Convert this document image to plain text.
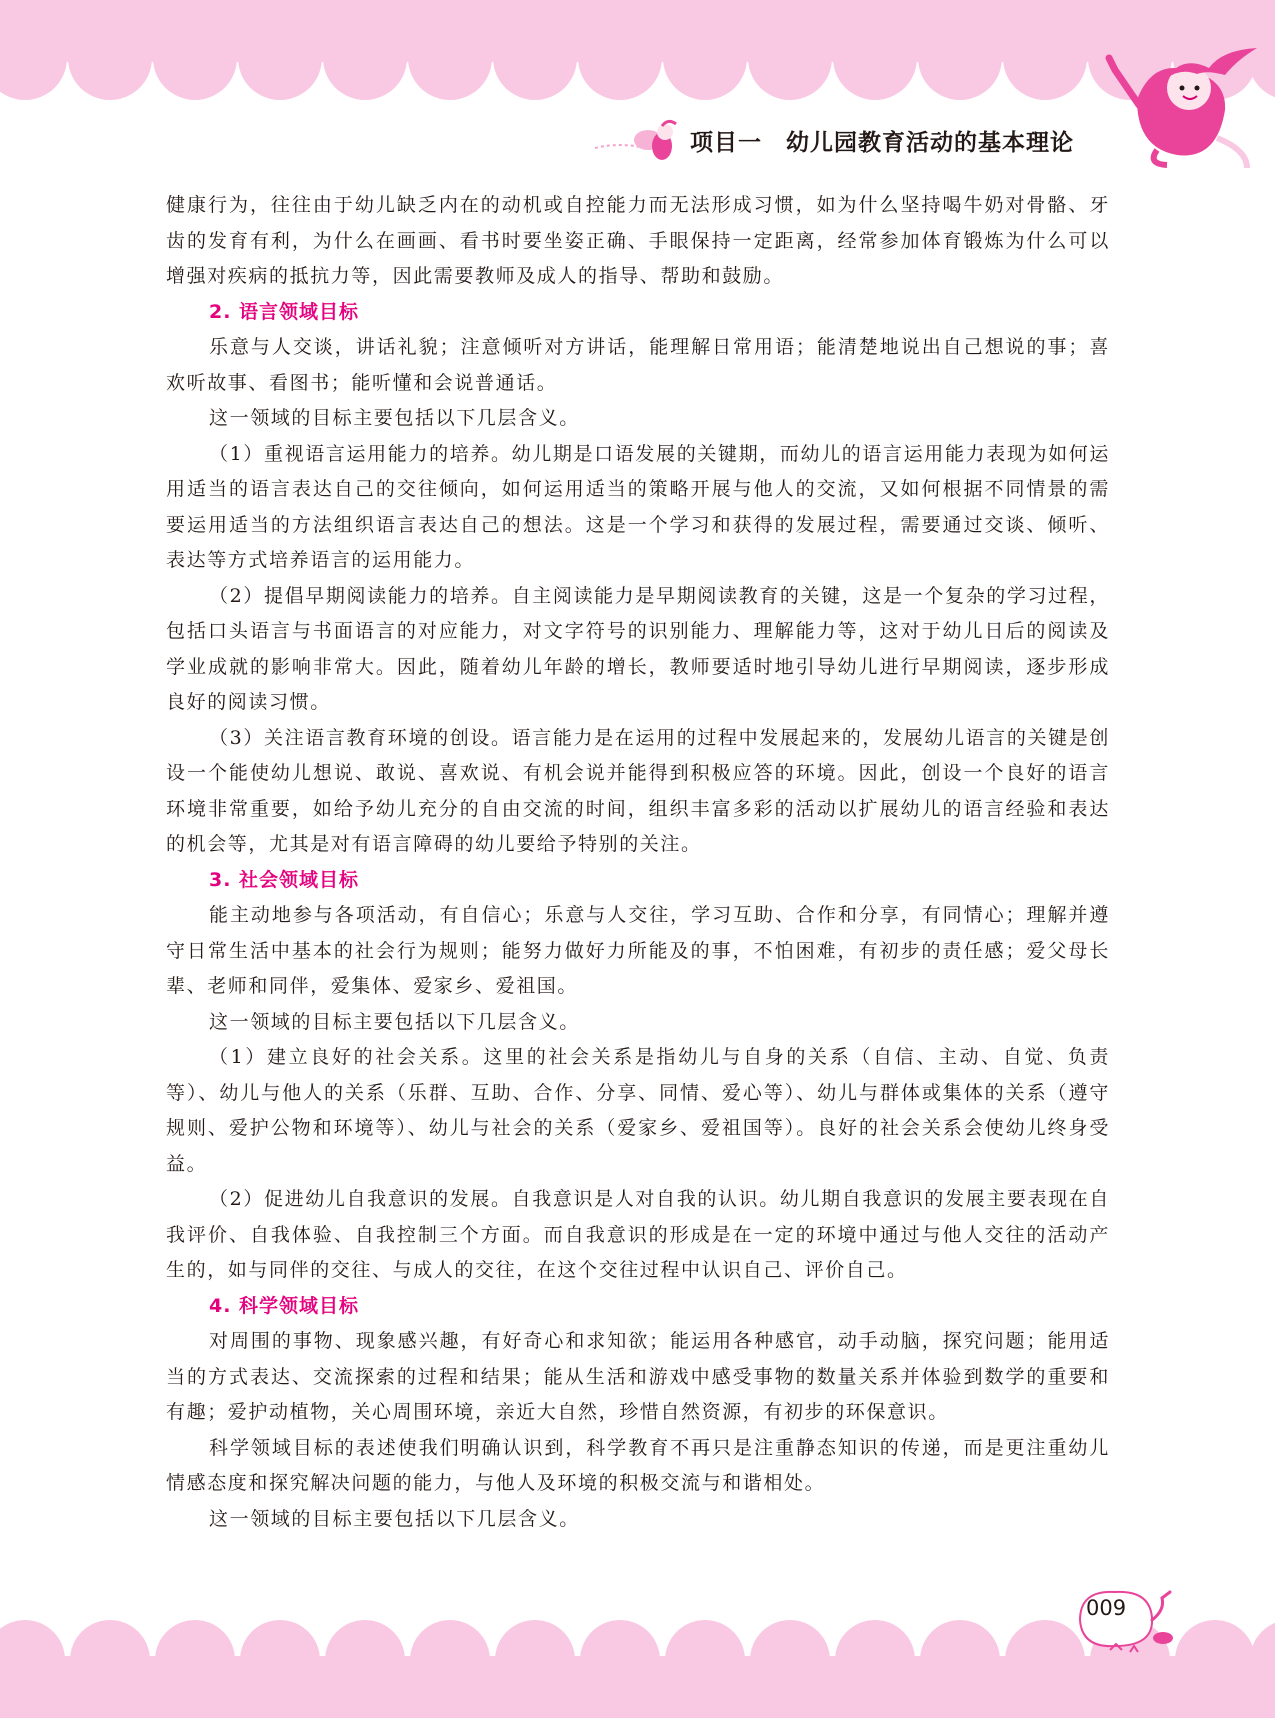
项目一　幼儿园教育活动的基本理论

健康行为，往往由于幼儿缺乏内在的动机或自控能力而无法形成习惯，如为什么坚持喝牛奶对骨骼、牙齿的发育有利，为什么在画画、看书时要坐姿正确、手眼保持一定距离，经常参加体育锻炼为什么可以增强对疾病的抵抗力等，因此需要教师及成人的指导、帮助和鼓励。

2. 语言领域目标

乐意与人交谈，讲话礼貌；注意倾听对方讲话，能理解日常用语；能清楚地说出自己想说的事；喜欢听故事、看图书；能听懂和会说普通话。

这一领域的目标主要包括以下几层含义。

（1）重视语言运用能力的培养。幼儿期是口语发展的关键期，而幼儿的语言运用能力表现为如何运用适当的语言表达自己的交往倾向，如何运用适当的策略开展与他人的交流，又如何根据不同情景的需要运用适当的方法组织语言表达自己的想法。这是一个学习和获得的发展过程，需要通过交谈、倾听、表达等方式培养语言的运用能力。

（2）提倡早期阅读能力的培养。自主阅读能力是早期阅读教育的关键，这是一个复杂的学习过程，包括口头语言与书面语言的对应能力，对文字符号的识别能力、理解能力等，这对于幼儿日后的阅读及学业成就的影响非常大。因此，随着幼儿年龄的增长，教师要适时地引导幼儿进行早期阅读，逐步形成良好的阅读习惯。

（3）关注语言教育环境的创设。语言能力是在运用的过程中发展起来的，发展幼儿语言的关键是创设一个能使幼儿想说、敢说、喜欢说、有机会说并能得到积极应答的环境。因此，创设一个良好的语言环境非常重要，如给予幼儿充分的自由交流的时间，组织丰富多彩的活动以扩展幼儿的语言经验和表达的机会等，尤其是对有语言障碍的幼儿要给予特别的关注。

3. 社会领域目标

能主动地参与各项活动，有自信心；乐意与人交往，学习互助、合作和分享，有同情心；理解并遵守日常生活中基本的社会行为规则；能努力做好力所能及的事，不怕困难，有初步的责任感；爱父母长辈、老师和同伴，爱集体、爱家乡、爱祖国。

这一领域的目标主要包括以下几层含义。

（1）建立良好的社会关系。这里的社会关系是指幼儿与自身的关系（自信、主动、自觉、负责等）、幼儿与他人的关系（乐群、互助、合作、分享、同情、爱心等）、幼儿与群体或集体的关系（遵守规则、爱护公物和环境等）、幼儿与社会的关系（爱家乡、爱祖国等）。良好的社会关系会使幼儿终身受益。

（2）促进幼儿自我意识的发展。自我意识是人对自我的认识。幼儿期自我意识的发展主要表现在自我评价、自我体验、自我控制三个方面。而自我意识的形成是在一定的环境中通过与他人交往的活动产生的，如与同伴的交往、与成人的交往，在这个交往过程中认识自己、评价自己。

4. 科学领域目标

对周围的事物、现象感兴趣，有好奇心和求知欲；能运用各种感官，动手动脑，探究问题；能用适当的方式表达、交流探索的过程和结果；能从生活和游戏中感受事物的数量关系并体验到数学的重要和有趣；爱护动植物，关心周围环境，亲近大自然，珍惜自然资源，有初步的环保意识。

科学领域目标的表述使我们明确认识到，科学教育不再只是注重静态知识的传递，而是更注重幼儿情感态度和探究解决问题的能力，与他人及环境的积极交流与和谐相处。

这一领域的目标主要包括以下几层含义。

009
